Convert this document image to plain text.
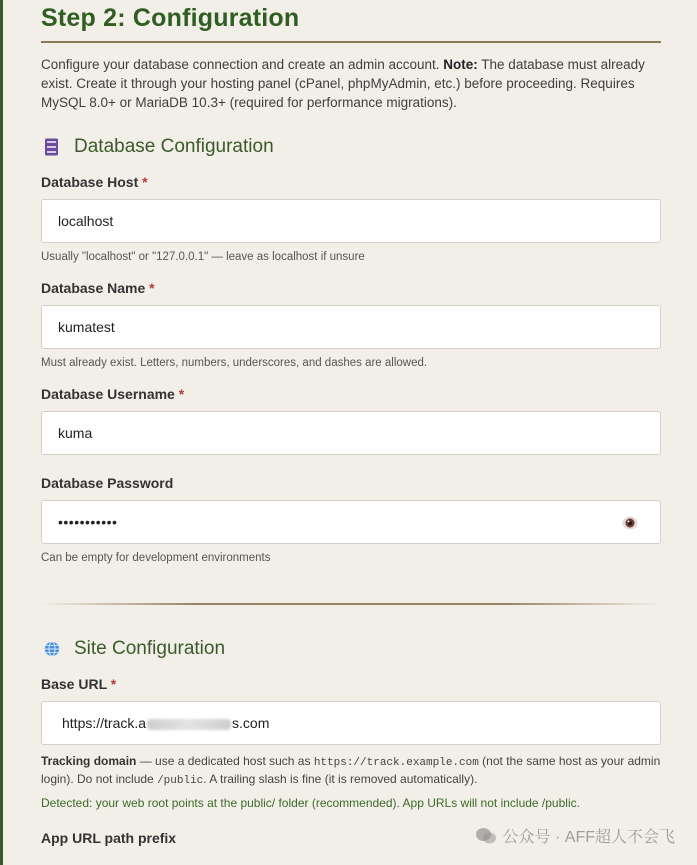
Step 2: Configuration
Configure your database connection and create an admin account. Note: The database must already exist. Create it through your hosting panel (cPanel, phpMyAdmin, etc.) before proceeding. Requires MySQL 8.0+ or MariaDB 10.3+ (required for performance migrations).
Database Configuration
Database Host *
localhost
Usually "localhost" or "127.0.0.1" — leave as localhost if unsure
Database Name *
kumatest
Must already exist. Letters, numbers, underscores, and dashes are allowed.
Database Username *
kuma
Database Password
•••••••••••
Can be empty for development environments
Site Configuration
Base URL *
https://track.a	s.com
Tracking domain — use a dedicated host such as https://track.example.com (not the same host as your admin login). Do not include /public. A trailing slash is fine (it is removed automatically).
Detected: your web root points at the public/ folder (recommended). App URLs will not include /public.
App URL path prefix	公众号 · AFF超人不会飞
